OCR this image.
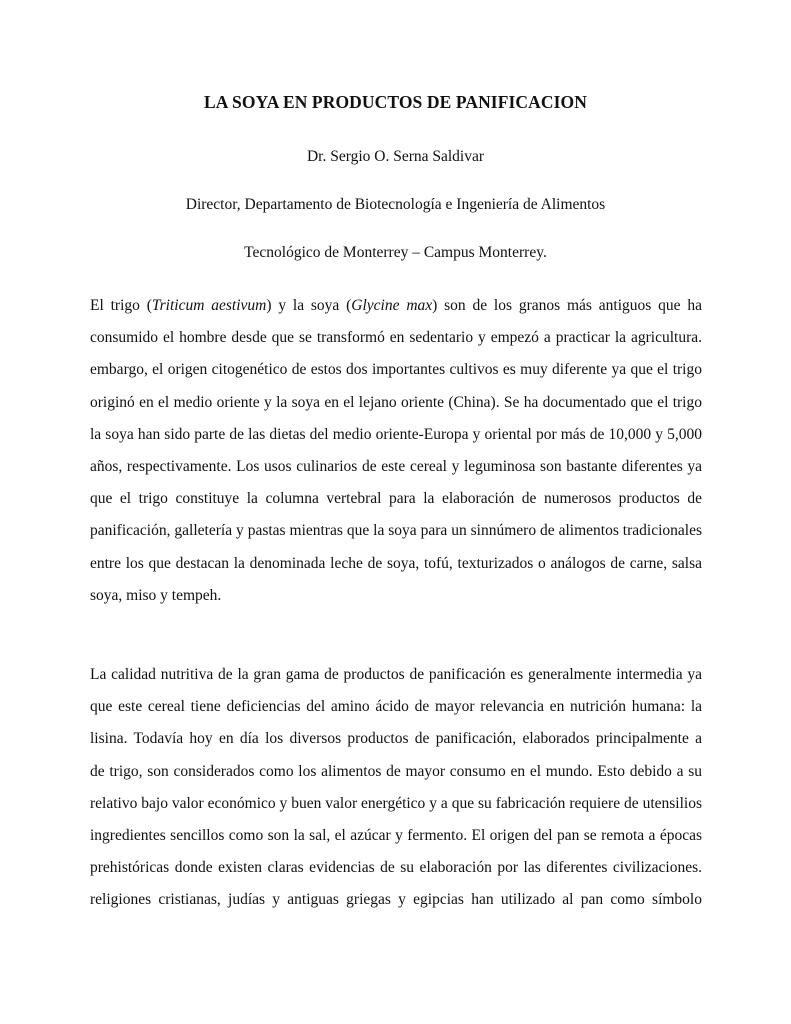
LA SOYA EN PRODUCTOS DE PANIFICACION

Dr. Sergio O. Serna Saldivar

Director, Departamento de Biotecnología e Ingeniería de Alimentos

Tecnológico de Monterrey – Campus Monterrey.

El trigo (Triticum aestivum) y la soya (Glycine max) son de los granos más antiguos que ha
consumido el hombre desde que se transformó en sedentario y empezó a practicar la agricultura.
embargo, el origen citogenético de estos dos importantes cultivos es muy diferente ya que el trigo
originó en el medio oriente y la soya en el lejano oriente (China). Se ha documentado que el trigo
la soya han sido parte de las dietas del medio oriente-Europa y oriental por más de 10,000 y 5,000
años, respectivamente. Los usos culinarios de este cereal y leguminosa son bastante diferentes ya
que el trigo constituye la columna vertebral para la elaboración de numerosos productos de
panificación, galletería y pastas mientras que la soya para un sinnúmero de alimentos tradicionales
entre los que destacan la denominada leche de soya, tofú, texturizados o análogos de carne, salsa
soya, miso y tempeh.
La calidad nutritiva de la gran gama de productos de panificación es generalmente intermedia ya
que este cereal tiene deficiencias del amino ácido de mayor relevancia en nutrición humana: la
lisina. Todavía hoy en día los diversos productos de panificación, elaborados principalmente a
de trigo, son considerados como los alimentos de mayor consumo en el mundo. Esto debido a su
relativo bajo valor económico y buen valor energético y a que su fabricación requiere de utensilios
ingredientes sencillos como son la sal, el azúcar y fermento. El origen del pan se remota a épocas
prehistóricas donde existen claras evidencias de su elaboración por las diferentes civilizaciones.
religiones cristianas, judías y antiguas griegas y egipcias han utilizado al pan como símbolo
